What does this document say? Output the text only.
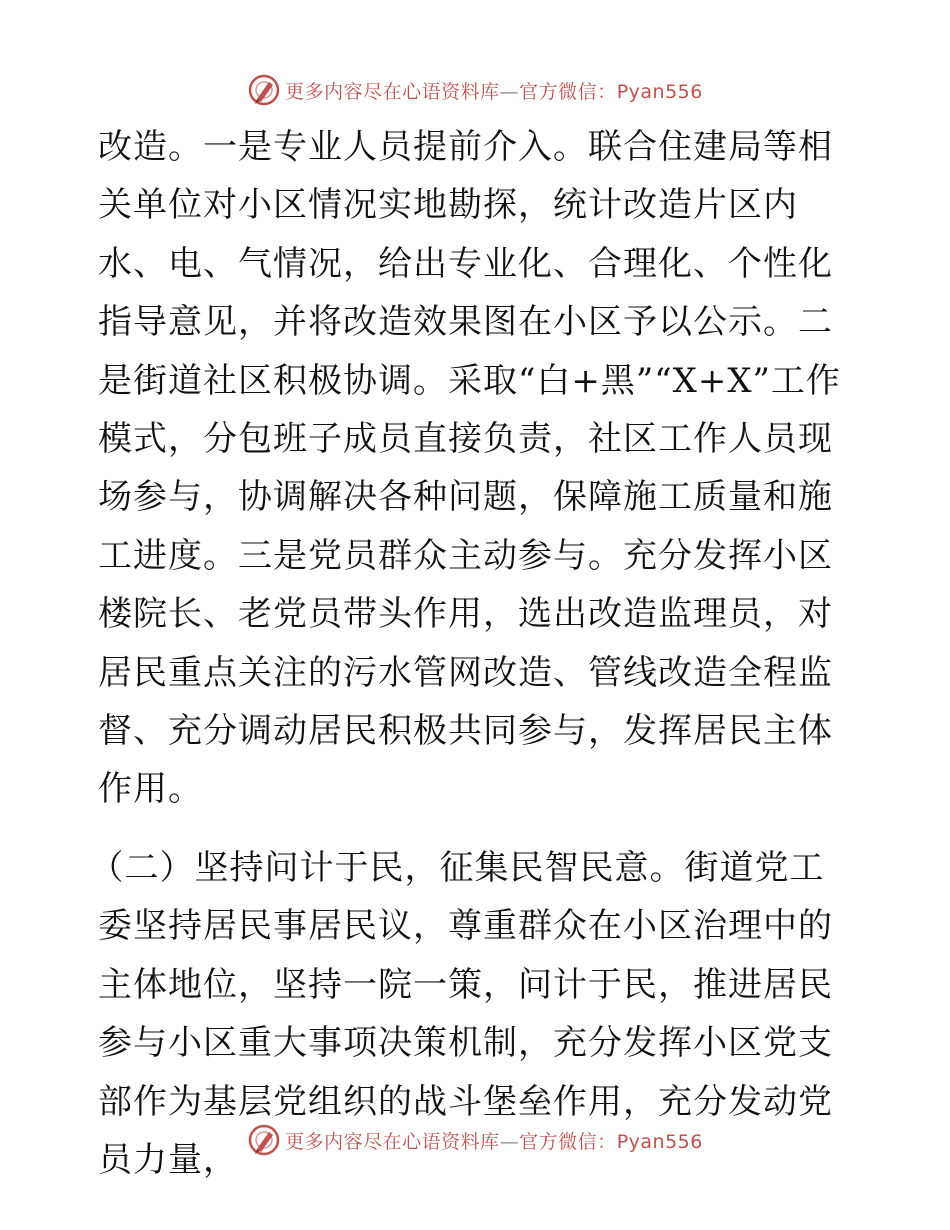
更多内容尽在心语资料库—官方微信：Pyan556

改造。一是专业人员提前介入。联合住建局等相关单位对小区情况实地勘探，统计改造片区内水、电、气情况，给出专业化、合理化、个性化指导意见，并将改造效果图在小区予以公示。二是街道社区积极协调。采取“白+黑”“X+X”工作模式，分包班子成员直接负责，社区工作人员现场参与，协调解决各种问题，保障施工质量和施工进度。三是党员群众主动参与。充分发挥小区楼院长、老党员带头作用，选出改造监理员，对居民重点关注的污水管网改造、管线改造全程监督、充分调动居民积极共同参与，发挥居民主体作用。

（二）坚持问计于民，征集民智民意。街道党工委坚持居民事居民议，尊重群众在小区治理中的主体地位，坚持一院一策，问计于民，推进居民参与小区重大事项决策机制，充分发挥小区党支部作为基层党组织的战斗堡垒作用，充分发动党员力量，	更多内容尽在心语资料库—官方微信：Pyan556
